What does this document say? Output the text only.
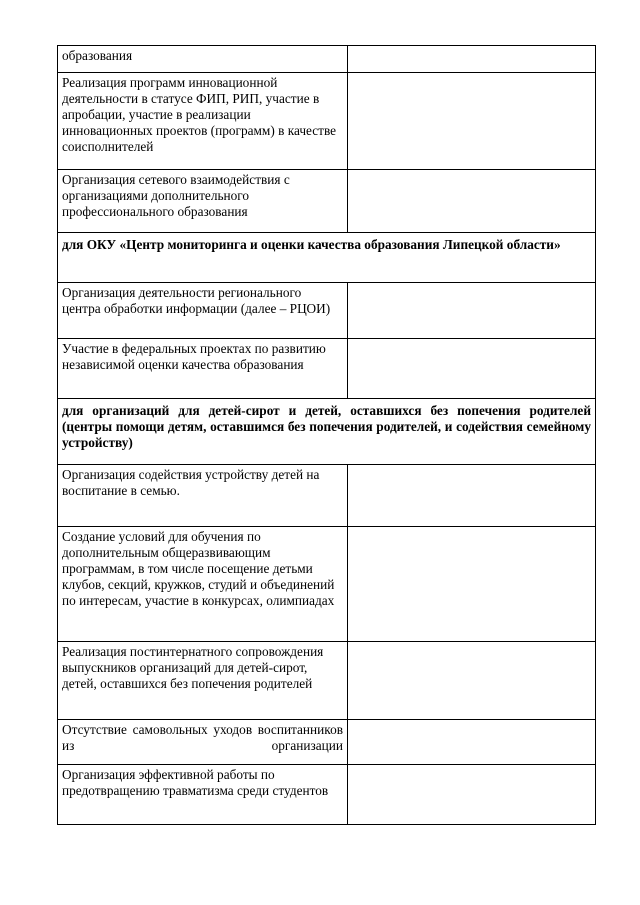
образования	
Реализация программ инновационной деятельности в статусе ФИП, РИП, участие в апробации, участие в реализации инновационных проектов (программ) в качестве соисполнителей	
Организация сетевого взаимодействия с организациями дополнительного профессионального образования	
для ОКУ «Центр мониторинга и оценки качества образования Липецкой области»	
Организация деятельности регионального центра обработки информации (далее – РЦОИ)	
Участие в федеральных проектах по развитию независимой оценки качества образования	
для организаций для детей-сирот и детей, оставшихся без попечения родителей (центры помощи детям, оставшимся без попечения родителей, и содействия семейному устройству)	
Организация содействия устройству детей на воспитание в семью.	
Создание условий для обучения по дополнительным общеразвивающим программам, в том числе посещение детьми клубов, секций, кружков, студий и объединений по интересам, участие в конкурсах, олимпиадах	
Реализация постинтернатного сопровождения выпускников организаций для детей-сирот, детей, оставшихся без попечения родителей	
Отсутствие самовольных уходов воспитанников из организации	
Организация эффективной работы по предотвращению травматизма среди студентов	
